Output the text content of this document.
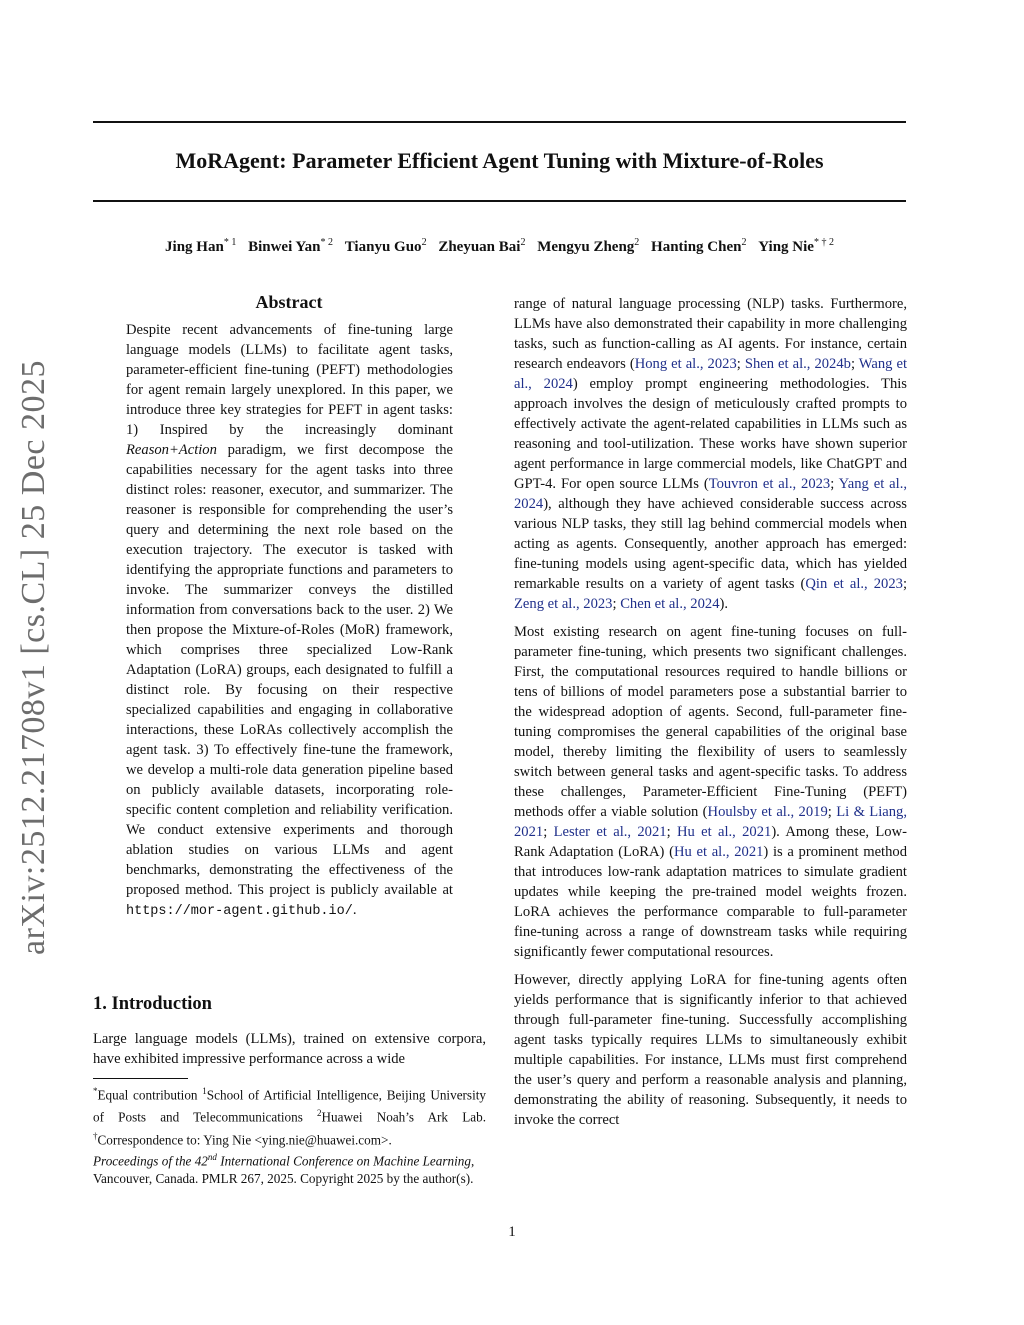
MoRAgent: Parameter Efficient Agent Tuning with Mixture-of-Roles
Jing Han$^{* 1}$ Binwei Yan$^{* 2}$ Tianyu Guo$^2$ Zheyuan Bai$^2$ Mengyu Zheng$^2$ Hanting Chen$^2$ Ying Nie$^{* \dagger 2}$
arXiv:2512.21708v1 [cs.CL] 25 Dec 2025
Abstract

Despite recent advancements of fine-tuning large language models (LLMs) to facilitate agent tasks, parameter-efficient fine-tuning (PEFT) methodologies for agent remain largely unexplored. In this paper, we introduce three key strategies for PEFT in agent tasks: 1) Inspired by the increasingly dominant Reason+Action paradigm, we first decompose the capabilities necessary for the agent tasks into three distinct roles: reasoner, executor, and summarizer. The reasoner is responsible for comprehending the user’s query and determining the next role based on the execution trajectory. The executor is tasked with identifying the appropriate functions and parameters to invoke. The summarizer conveys the distilled information from conversations back to the user. 2) We then propose the Mixture-of-Roles (MoR) framework, which comprises three specialized Low-Rank Adaptation (LoRA) groups, each designated to fulfill a distinct role. By focusing on their respective specialized capabilities and engaging in collaborative interactions, these LoRAs collectively accomplish the agent task. 3) To effectively fine-tune the framework, we develop a multi-role data generation pipeline based on publicly available datasets, incorporating role-specific content completion and reliability verification. We conduct extensive experiments and thorough ablation studies on various LLMs and agent benchmarks, demonstrating the effectiveness of the proposed method. This project is publicly available at https://mor-agent.github.io/.

1. Introduction

Large language models (LLMs), trained on extensive corpora, have exhibited impressive performance across a wide

*Equal contribution $^1$School of Artificial Intelligence, Beijing University of Posts and Telecommunications $^2$Huawei Noah’s Ark Lab. †Correspondence to: Ying Nie <ying.nie@huawei.com>.
Proceedings of the 42nd International Conference on Machine Learning, Vancouver, Canada. PMLR 267, 2025. Copyright 2025 by the author(s).

range of natural language processing (NLP) tasks. Furthermore, LLMs have also demonstrated their capability in more challenging tasks, such as function-calling as AI agents. For instance, certain research endeavors (Hong et al., 2023; Shen et al., 2024b; Wang et al., 2024) employ prompt engineering methodologies. This approach involves the design of meticulously crafted prompts to effectively activate the agent-related capabilities in LLMs such as reasoning and tool-utilization. These works have shown superior agent performance in large commercial models, like ChatGPT and GPT-4. For open source LLMs (Touvron et al., 2023; Yang et al., 2024), although they have achieved considerable success across various NLP tasks, they still lag behind commercial models when acting as agents. Consequently, another approach has emerged: fine-tuning models using agent-specific data, which has yielded remarkable results on a variety of agent tasks (Qin et al., 2023; Zeng et al., 2023; Chen et al., 2024).

Most existing research on agent fine-tuning focuses on full-parameter fine-tuning, which presents two significant challenges. First, the computational resources required to handle billions or tens of billions of model parameters pose a substantial barrier to the widespread adoption of agents. Second, full-parameter fine-tuning compromises the general capabilities of the original base model, thereby limiting the flexibility of users to seamlessly switch between general tasks and agent-specific tasks. To address these challenges, Parameter-Efficient Fine-Tuning (PEFT) methods offer a viable solution (Houlsby et al., 2019; Li & Liang, 2021; Lester et al., 2021; Hu et al., 2021). Among these, Low-Rank Adaptation (LoRA) (Hu et al., 2021) is a prominent method that introduces low-rank adaptation matrices to simulate gradient updates while keeping the pre-trained model weights frozen. LoRA achieves the performance comparable to full-parameter fine-tuning across a range of downstream tasks while requiring significantly fewer computational resources.

However, directly applying LoRA for fine-tuning agents often yields performance that is significantly inferior to that achieved through full-parameter fine-tuning. Successfully accomplishing agent tasks typically requires LLMs to simultaneously exhibit multiple capabilities. For instance, LLMs must first comprehend the user’s query and perform a reasonable analysis and planning, demonstrating the ability of reasoning. Subsequently, it needs to invoke the correct

1
